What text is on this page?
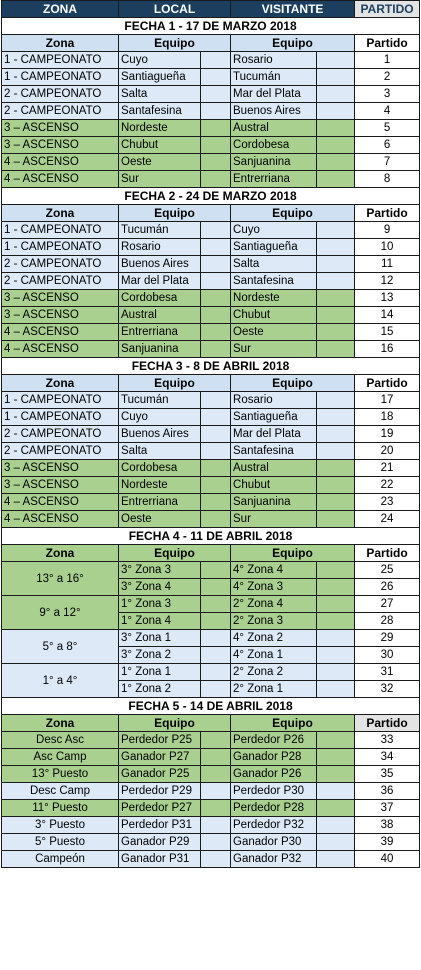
ZONA	LOCAL		VISITANTE		PARTIDO
FECHA 1 - 17 DE MARZO 2018					
Zona	Equipo		Equipo		Partido
1 - CAMPEONATO	Cuyo		Rosario		1
1 - CAMPEONATO	Santiagueña		Tucumán		2
2 - CAMPEONATO	Salta		Mar del Plata		3
2 - CAMPEONATO	Santafesina		Buenos Aires		4
3 – ASCENSO	Nordeste		Austral		5
3 – ASCENSO	Chubut		Cordobesa		6
4 – ASCENSO	Oeste		Sanjuanina		7
4 – ASCENSO	Sur		Entrerriana		8
FECHA 2 - 24 DE MARZO 2018					
Zona	Equipo		Equipo		Partido
1 - CAMPEONATO	Tucumán		Cuyo		9
1 - CAMPEONATO	Rosario		Santiagueña		10
2 - CAMPEONATO	Buenos Aires		Salta		11
2 - CAMPEONATO	Mar del Plata		Santafesina		12
3 – ASCENSO	Cordobesa		Nordeste		13
3 – ASCENSO	Austral		Chubut		14
4 – ASCENSO	Entrerriana		Oeste		15
4 – ASCENSO	Sanjuanina		Sur		16
FECHA 3 - 8 DE ABRIL 2018					
Zona	Equipo		Equipo		Partido
1 - CAMPEONATO	Tucumán		Rosario		17
1 - CAMPEONATO	Cuyo		Santiagueña		18
2 - CAMPEONATO	Buenos Aires		Mar del Plata		19
2 - CAMPEONATO	Salta		Santafesina		20
3 – ASCENSO	Cordobesa		Austral		21
3 – ASCENSO	Nordeste		Chubut		22
4 – ASCENSO	Entrerriana		Sanjuanina		23
4 – ASCENSO	Oeste		Sur		24
FECHA 4 - 11 DE ABRIL 2018					
Zona	Equipo		Equipo		Partido
13° a 16°	3° Zona 3		4° Zona 4		25
	3° Zona 4		4° Zona 3		26
9° a 12°	1° Zona 3		2° Zona 4		27
	1° Zona 4		2° Zona 3		28
5° a 8°	3° Zona 1		4° Zona 2		29
	3° Zona 2		4° Zona 1		30
1° a 4°	1° Zona 1		2° Zona 2		31
	1° Zona 2		2° Zona 1		32
FECHA 5 - 14 DE ABRIL 2018					
Zona	Equipo		Equipo		Partido
Desc Asc	Perdedor P25		Perdedor P26		33
Asc Camp	Ganador P27		Ganador P28		34
13° Puesto	Ganador P25		Ganador P26		35
Desc Camp	Perdedor P29		Perdedor P30		36
11° Puesto	Perdedor P27		Perdedor P28		37
3° Puesto	Perdedor P31		Perdedor P32		38
5° Puesto	Ganador P29		Ganador P30		39
Campeón	Ganador P31		Ganador P32		40
